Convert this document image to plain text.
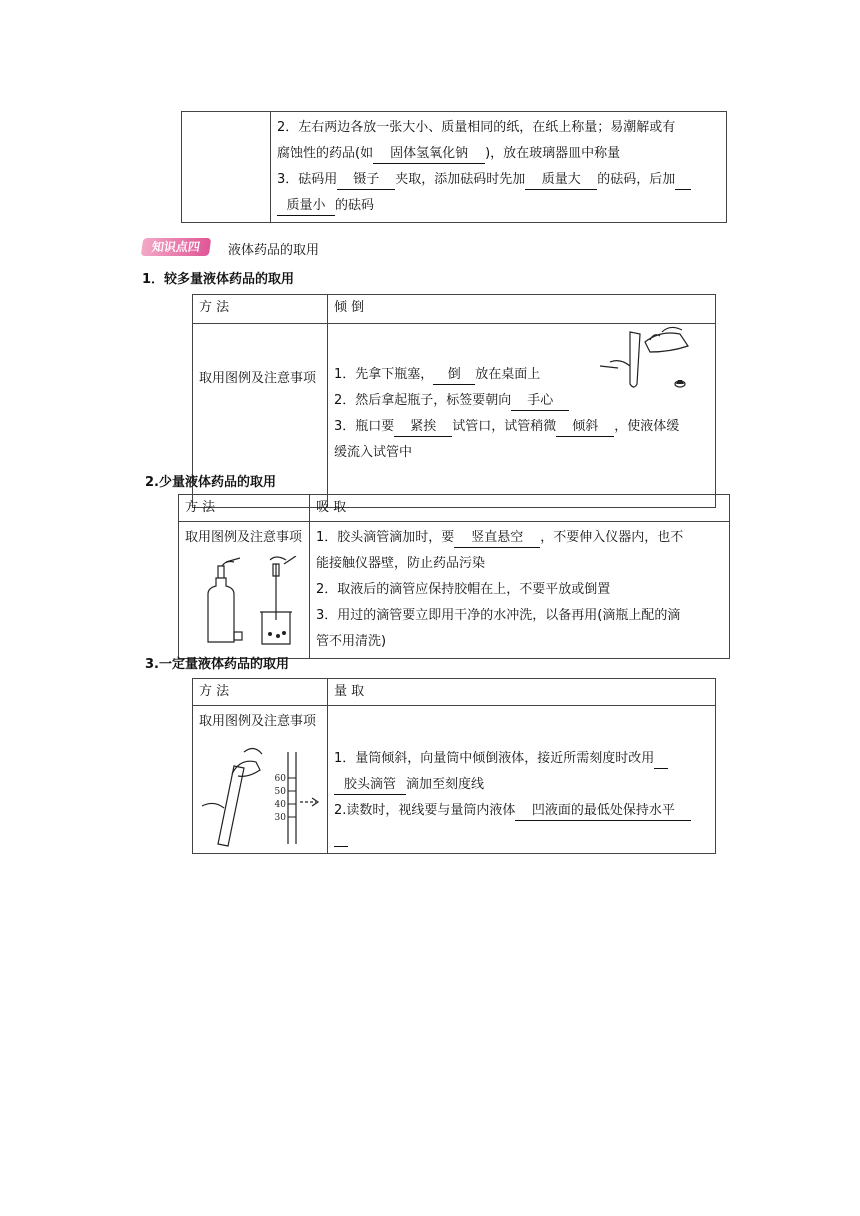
2．左右两边各放一张大小、质量相同的纸，在纸上称量；易潮解或有
腐蚀性的药品(如 固体氢氧化钠 )，放在玻璃器皿中称量
3．砝码用 镊子 夹取，添加砝码时先加 质量大 的砝码，后加
质量小 的砝码
知识点四	液体药品的取用
1．较多量液体药品的取用
方 法	倾 倒
取用图例及注意事项	1．先拿下瓶塞， 倒 放在桌面上
2．然后拿起瓶子，标签要朝向 手心
3．瓶口要 紧挨 试管口，试管稍微 倾斜 ，使液体缓
缓流入试管中
2.少量液体药品的取用
方 法	吸 取

取用图例及注意事项	1．胶头滴管滴加时，要 竖直悬空 ，不要伸入仪器内，也不
能接触仪器壁，防止药品污染
2．取液后的滴管应保持胶帽在上，不要平放或倒置
3．用过的滴管要立即用干净的水冲洗，以备再用(滴瓶上配的滴
管不用清洗)
3.一定量液体药品的取用
方 法	量 取

取用图例及注意事项	1．量筒倾斜，向量筒中倾倒液体，接近所需刻度时改用
胶头滴管 滴加至刻度线
2.读数时，视线要与量筒内液体 凹液面的最低处保持水平

60
50
40
30
